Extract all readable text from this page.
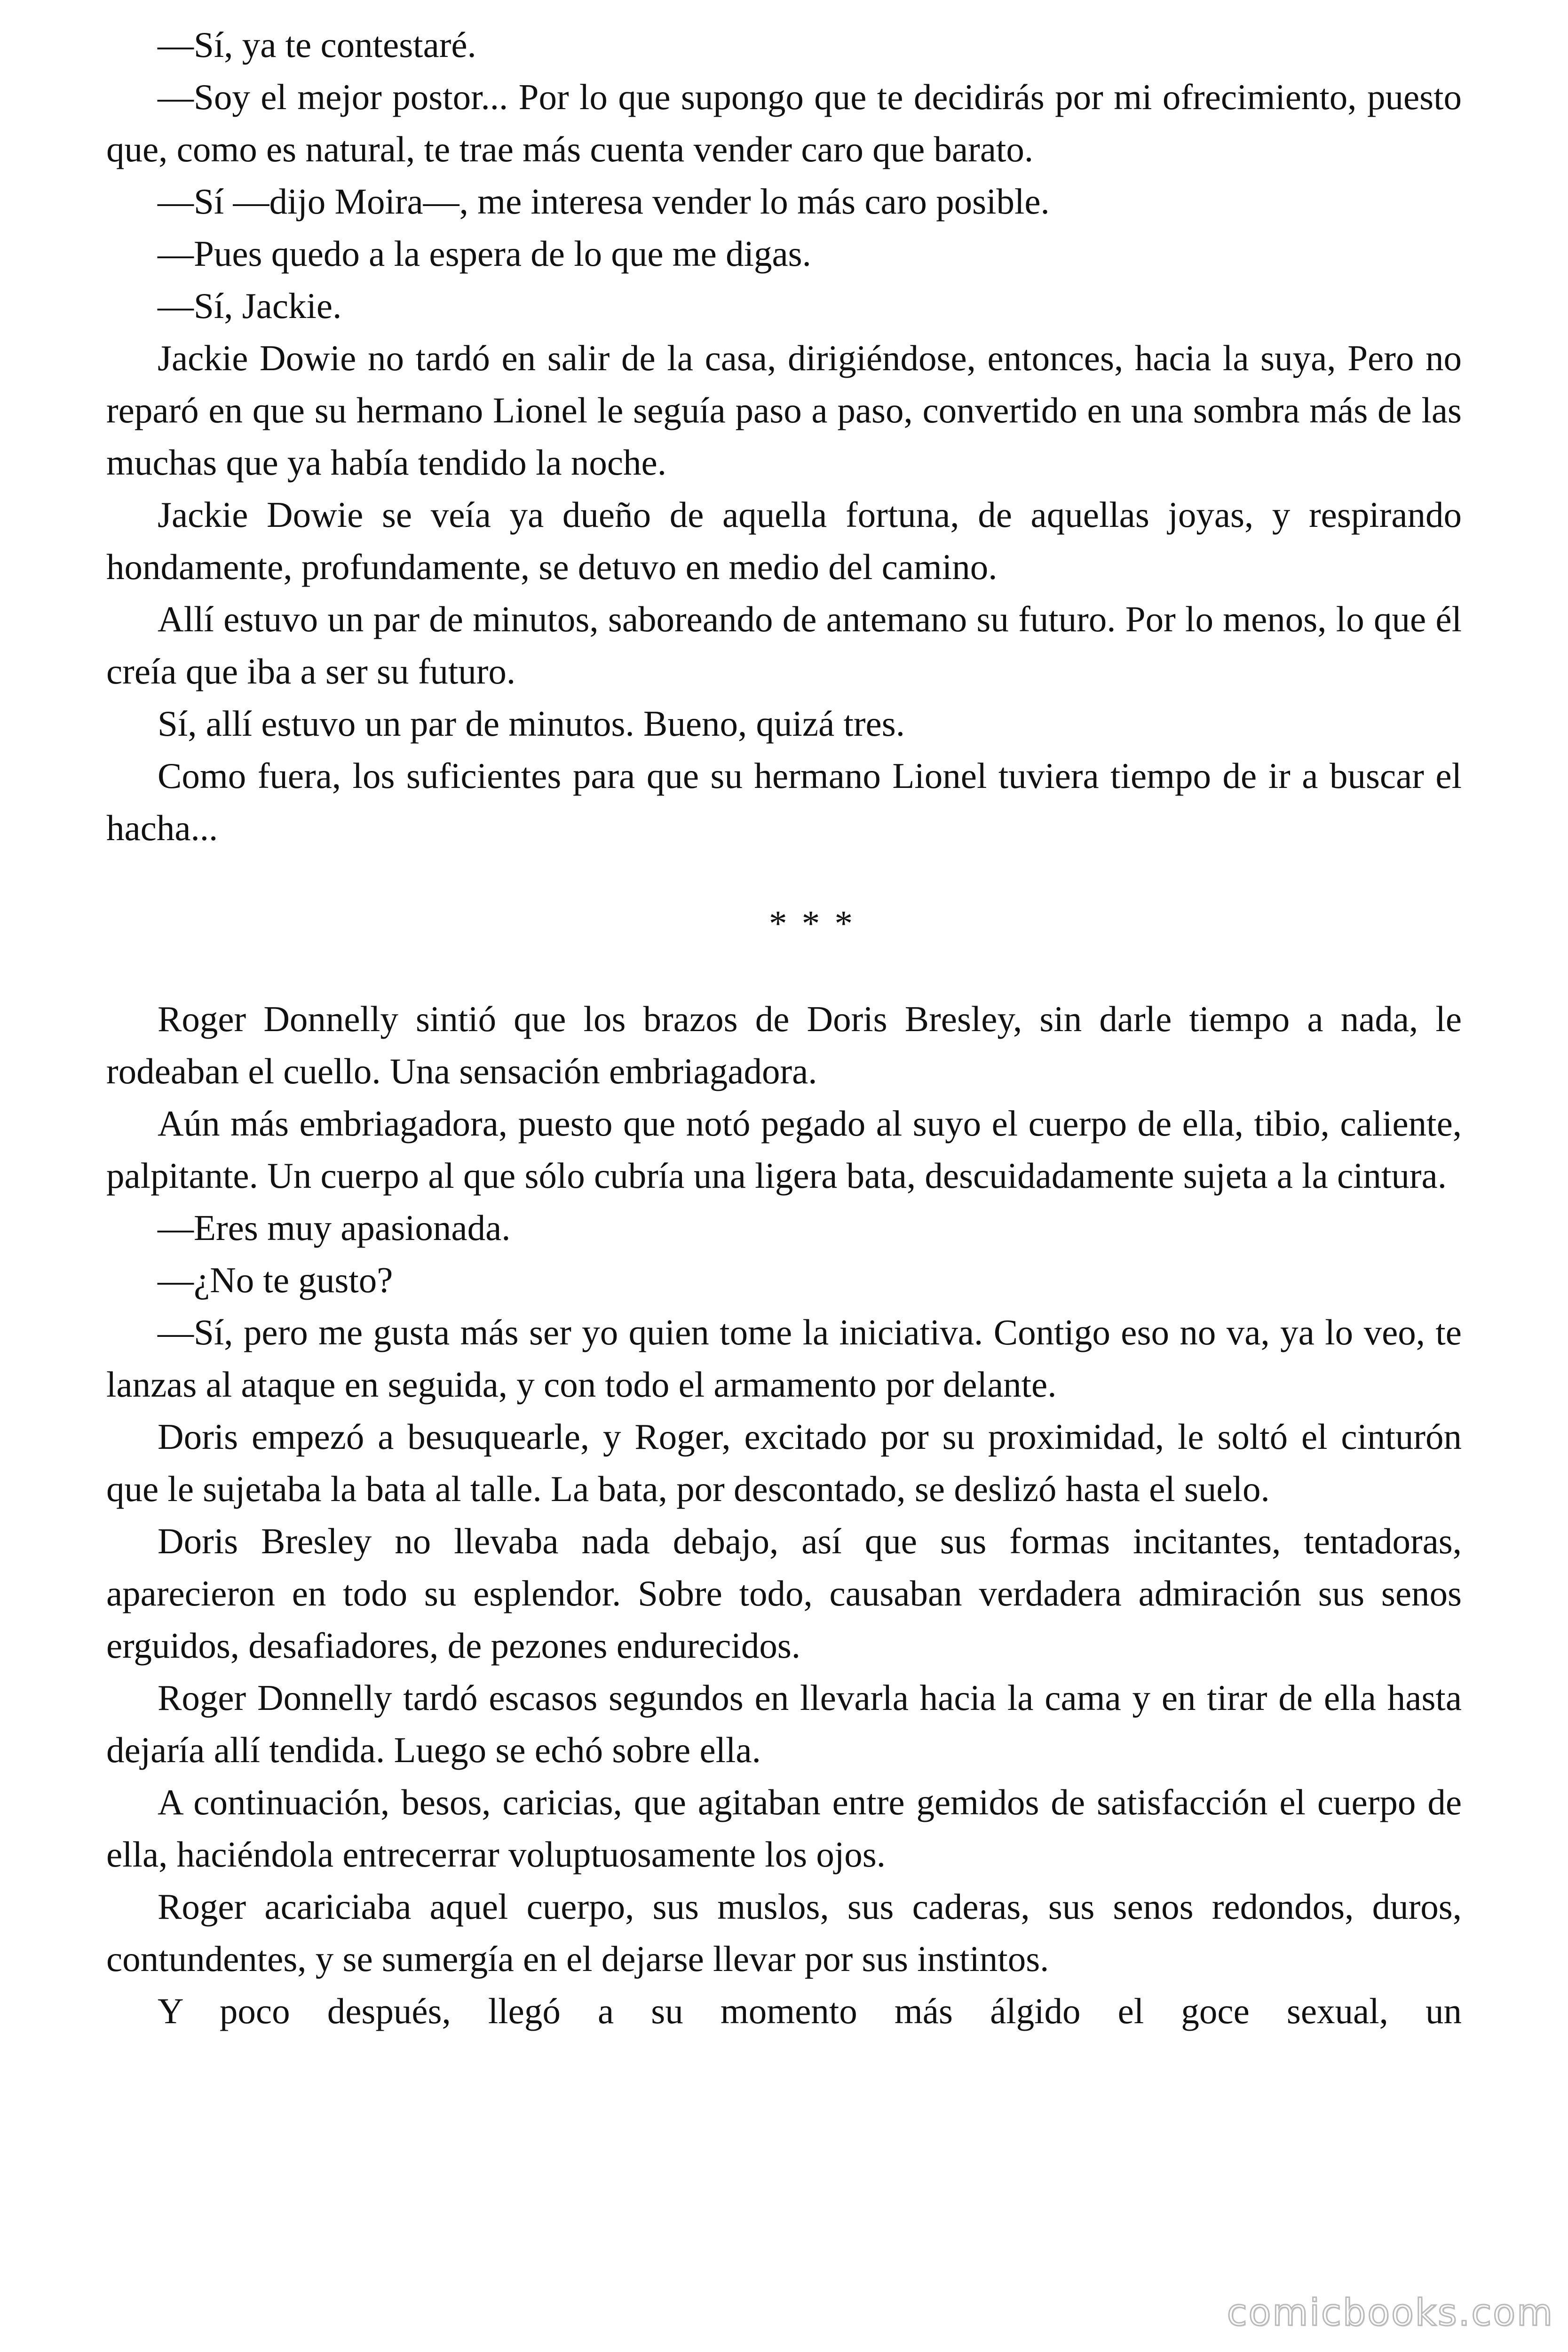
—Sí, ya te contestaré.

—Soy el mejor postor... Por lo que supongo que te decidirás por mi ofrecimiento, puesto que, como es natural, te trae más cuenta vender caro que barato.

—Sí —dijo Moira—, me interesa vender lo más caro posible.

—Pues quedo a la espera de lo que me digas.

—Sí, Jackie.

Jackie Dowie no tardó en salir de la casa, dirigiéndose, entonces, hacia la suya, Pero no reparó en que su hermano Lionel le seguía paso a paso, convertido en una sombra más de las muchas que ya había tendido la noche.

Jackie Dowie se veía ya dueño de aquella fortuna, de aquellas joyas, y respirando hondamente, profundamente, se detuvo en medio del camino.

Allí estuvo un par de minutos, saboreando de antemano su futuro. Por lo menos, lo que él creía que iba a ser su futuro.

Sí, allí estuvo un par de minutos. Bueno, quizá tres.

Como fuera, los suficientes para que su hermano Lionel tuviera tiempo de ir a buscar el hacha...

* * *

Roger Donnelly sintió que los brazos de Doris Bresley, sin darle tiempo a nada, le rodeaban el cuello. Una sensación embriagadora.

Aún más embriagadora, puesto que notó pegado al suyo el cuerpo de ella, tibio, caliente, palpitante. Un cuerpo al que sólo cubría una ligera bata, descuidadamente sujeta a la cintura.

—Eres muy apasionada.

—¿No te gusto?

—Sí, pero me gusta más ser yo quien tome la iniciativa. Contigo eso no va, ya lo veo, te lanzas al ataque en seguida, y con todo el armamento por delante.

Doris empezó a besuquearle, y Roger, excitado por su proximidad, le soltó el cinturón que le sujetaba la bata al talle. La bata, por descontado, se deslizó hasta el suelo.

Doris Bresley no llevaba nada debajo, así que sus formas incitantes, tentadoras, aparecieron en todo su esplendor. Sobre todo, causaban verdadera admiración sus senos erguidos, desafiadores, de pezones endurecidos.

Roger Donnelly tardó escasos segundos en llevarla hacia la cama y en tirar de ella hasta dejaría allí tendida. Luego se echó sobre ella.

A continuación, besos, caricias, que agitaban entre gemidos de satisfacción el cuerpo de ella, haciéndola entrecerrar voluptuosamente los ojos.

Roger acariciaba aquel cuerpo, sus muslos, sus caderas, sus senos redondos, duros, contundentes, y se sumergía en el dejarse llevar por sus instintos.

Y poco después, llegó a su momento más álgido el goce sexual, un

comicbooks.com
